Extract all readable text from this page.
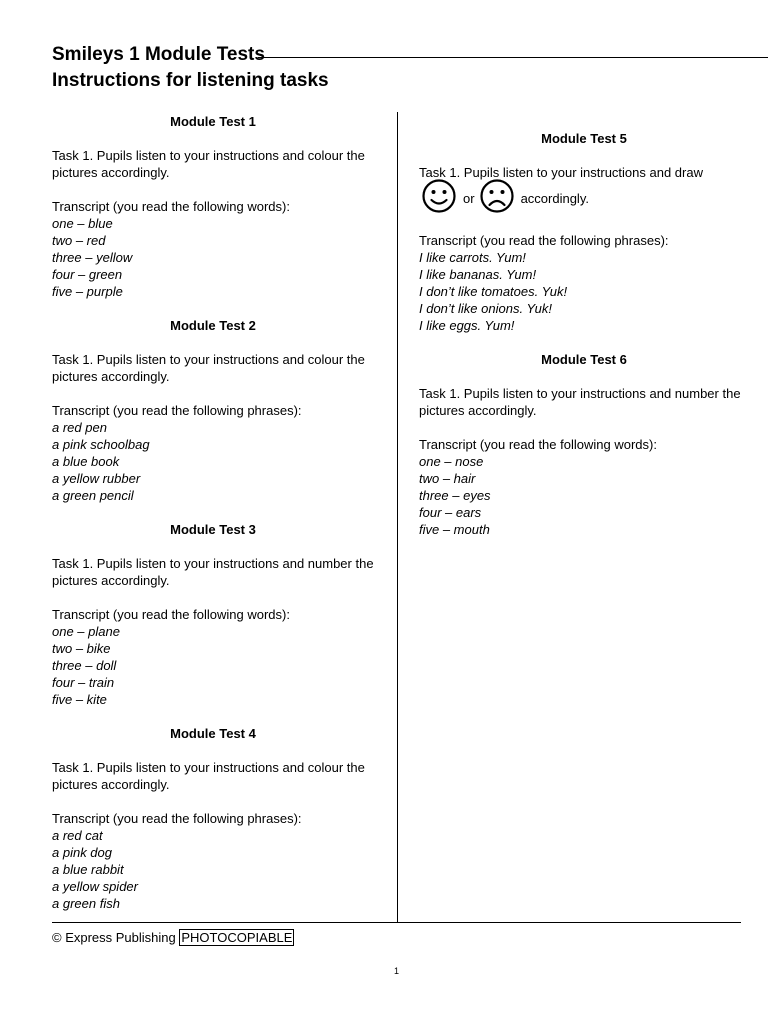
Smileys 1 Module Tests
Instructions for listening tasks

Module Test 1

Task 1. Pupils listen to your instructions and colour the pictures accordingly.

Transcript (you read the following words):

one – blue
two – red
three – yellow
four – green
five – purple

Module Test 2

Task 1. Pupils listen to your instructions and colour the pictures accordingly.

Transcript (you read the following phrases):

a red pen
a pink schoolbag
a blue book
a yellow rubber
a green pencil

Module Test 3

Task 1. Pupils listen to your instructions and number the pictures accordingly.

Transcript (you read the following words):

one – plane
two – bike
three – doll
four – train
five – kite

Module Test 4

Task 1. Pupils listen to your instructions and colour the pictures accordingly.

Transcript (you read the following phrases):

a red cat
a pink dog
a blue rabbit
a yellow spider
a green fish

Module Test 5

Task 1. Pupils listen to your instructions and draw

or	accordingly.

Transcript (you read the following phrases):

I like carrots. Yum!
I like bananas. Yum!
I don’t like tomatoes. Yuk!
I don’t like onions. Yuk!
I like eggs. Yum!

Module Test 6

Task 1. Pupils listen to your instructions and number the pictures accordingly.

Transcript (you read the following words):

one – nose
two – hair
three – eyes
four – ears
five – mouth
© Express Publishing PHOTOCOPIABLE
1
